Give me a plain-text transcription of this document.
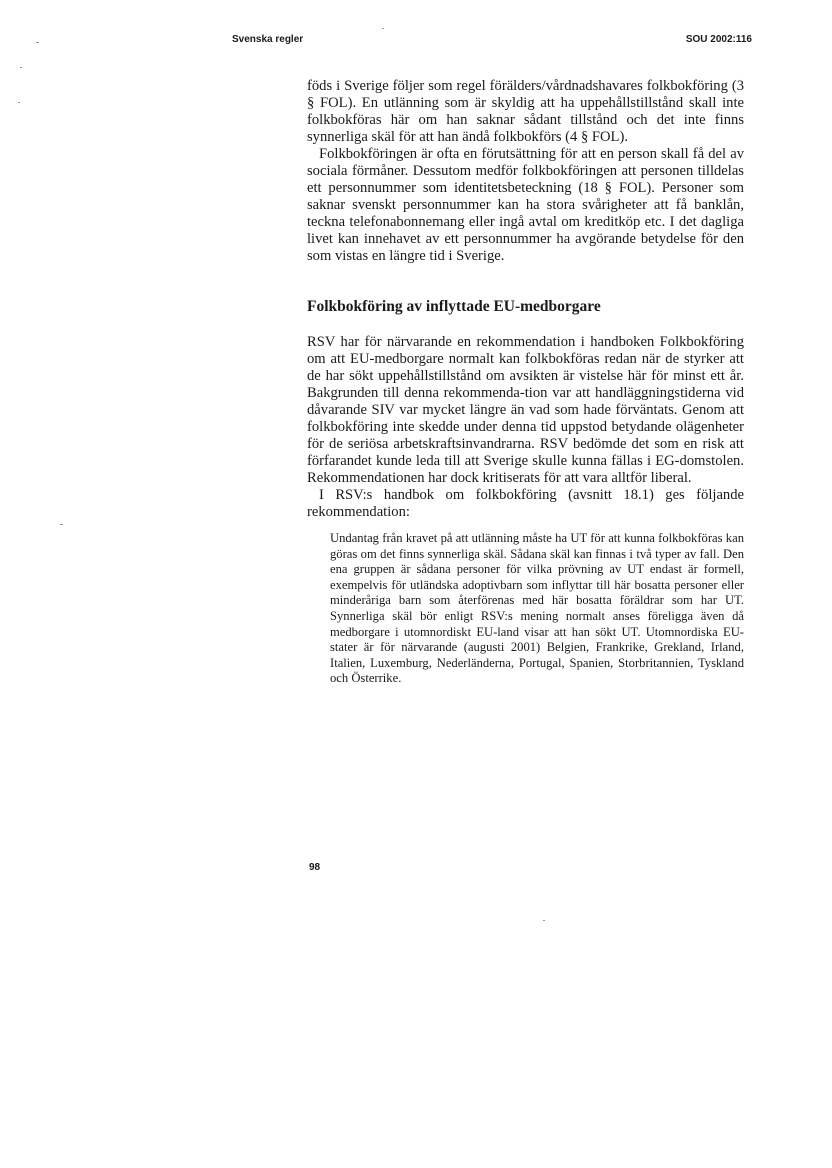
Svenska regler	SOU 2002:116

föds i Sverige följer som regel förälders/vårdnadshavares folkbokföring (3 § FOL). En utlänning som är skyldig att ha uppehållstillstånd skall inte folkbokföras här om han saknar sådant tillstånd och det inte finns synnerliga skäl för att han ändå folkbokförs (4 § FOL).

Folkbokföringen är ofta en förutsättning för att en person skall få del av sociala förmåner. Dessutom medför folkbokföringen att personen tilldelas ett personnummer som identitetsbeteckning (18 § FOL). Personer som saknar svenskt personnummer kan ha stora svårigheter att få banklån, teckna telefonabonnemang eller ingå avtal om kreditköp etc. I det dagliga livet kan innehavet av ett personnummer ha avgörande betydelse för den som vistas en längre tid i Sverige.

Folkbokföring av inflyttade EU-medborgare

RSV har för närvarande en rekommendation i handboken Folkbokföring om att EU-medborgare normalt kan folkbokföras redan när de styrker att de har sökt uppehållstillstånd om avsikten är vistelse här för minst ett år. Bakgrunden till denna rekommenda-tion var att handläggningstiderna vid dåvarande SIV var mycket längre än vad som hade förväntats. Genom att folkbokföring inte skedde under denna tid uppstod betydande olägenheter för de seriösa arbetskraftsinvandrarna. RSV bedömde det som en risk att förfarandet kunde leda till att Sverige skulle kunna fällas i EG-domstolen. Rekommendationen har dock kritiserats för att vara alltför liberal.

I RSV:s handbok om folkbokföring (avsnitt 18.1) ges följande rekommendation:

Undantag från kravet på att utlänning måste ha UT för att kunna folkbokföras kan göras om det finns synnerliga skäl. Sådana skäl kan finnas i två typer av fall. Den ena gruppen är sådana personer för vilka prövning av UT endast är formell, exempelvis för utländska adoptivbarn som inflyttar till här bosatta personer eller minderåriga barn som återförenas med här bosatta föräldrar som har UT. Synnerliga skäl bör enligt RSV:s mening normalt anses föreligga även då medborgare i utomnordiskt EU-land visar att han sökt UT. Utomnordiska EU-stater är för närvarande (augusti 2001) Belgien, Frankrike, Grekland, Irland, Italien, Luxemburg, Nederländerna, Portugal, Spanien, Storbritannien, Tyskland och Österrike.

98
